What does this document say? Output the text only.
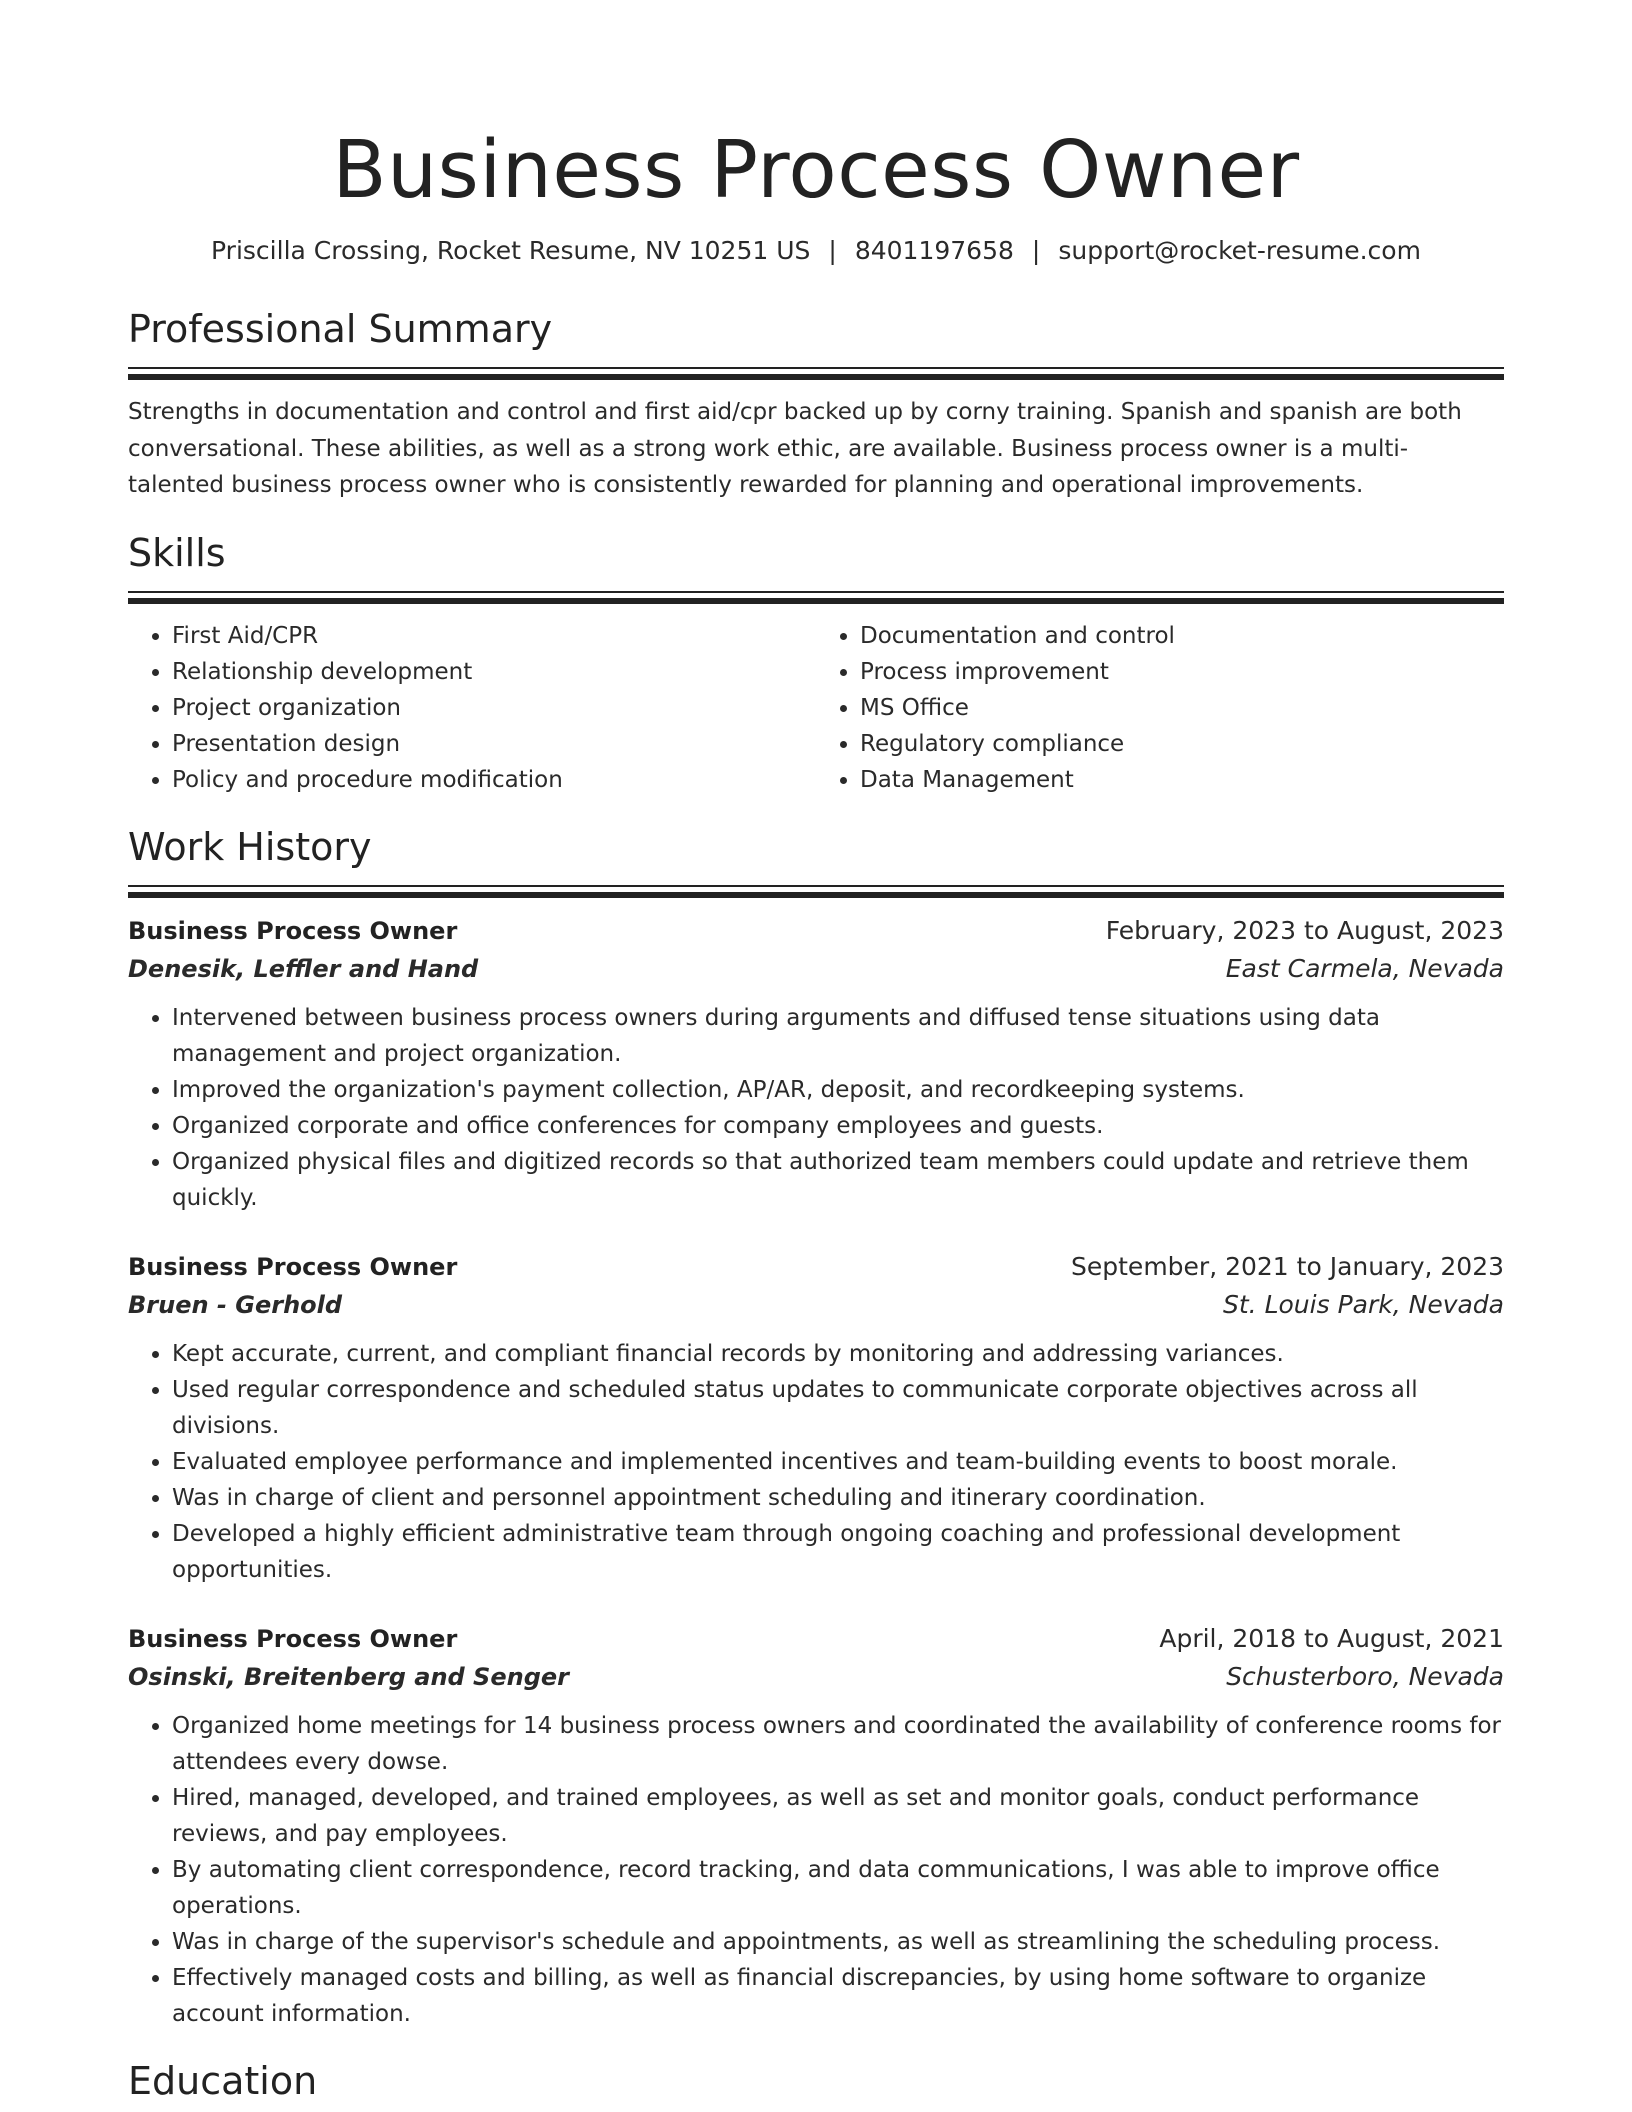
Business Process Owner
Priscilla Crossing, Rocket Resume, NV 10251 US | 8401197658 | support@rocket-resume.com
Professional Summary
Strengths in documentation and control and first aid/cpr backed up by corny training. Spanish and spanish are both conversational. These abilities, as well as a strong work ethic, are available. Business process owner is a multi-talented business process owner who is consistently rewarded for planning and operational improvements.
Skills
• First Aid/CPR
• Relationship development
• Project organization
• Presentation design
• Policy and procedure modification
• Documentation and control
• Process improvement
• MS Office
• Regulatory compliance
• Data Management
Work History
Business Process Owner	February, 2023 to August, 2023
Denesik, Leffler and Hand	East Carmela, Nevada
• Intervened between business process owners during arguments and diffused tense situations using data management and project organization.
• Improved the organization's payment collection, AP/AR, deposit, and recordkeeping systems.
• Organized corporate and office conferences for company employees and guests.
• Organized physical files and digitized records so that authorized team members could update and retrieve them quickly.
Business Process Owner	September, 2021 to January, 2023
Bruen - Gerhold	St. Louis Park, Nevada
• Kept accurate, current, and compliant financial records by monitoring and addressing variances.
• Used regular correspondence and scheduled status updates to communicate corporate objectives across all divisions.
• Evaluated employee performance and implemented incentives and team-building events to boost morale.
• Was in charge of client and personnel appointment scheduling and itinerary coordination.
• Developed a highly efficient administrative team through ongoing coaching and professional development opportunities.
Business Process Owner	April, 2018 to August, 2021
Osinski, Breitenberg and Senger	Schusterboro, Nevada
• Organized home meetings for 14 business process owners and coordinated the availability of conference rooms for attendees every dowse.
• Hired, managed, developed, and trained employees, as well as set and monitor goals, conduct performance reviews, and pay employees.
• By automating client correspondence, record tracking, and data communications, I was able to improve office operations.
• Was in charge of the supervisor's schedule and appointments, as well as streamlining the scheduling process.
• Effectively managed costs and billing, as well as financial discrepancies, by using home software to organize account information.
Education
